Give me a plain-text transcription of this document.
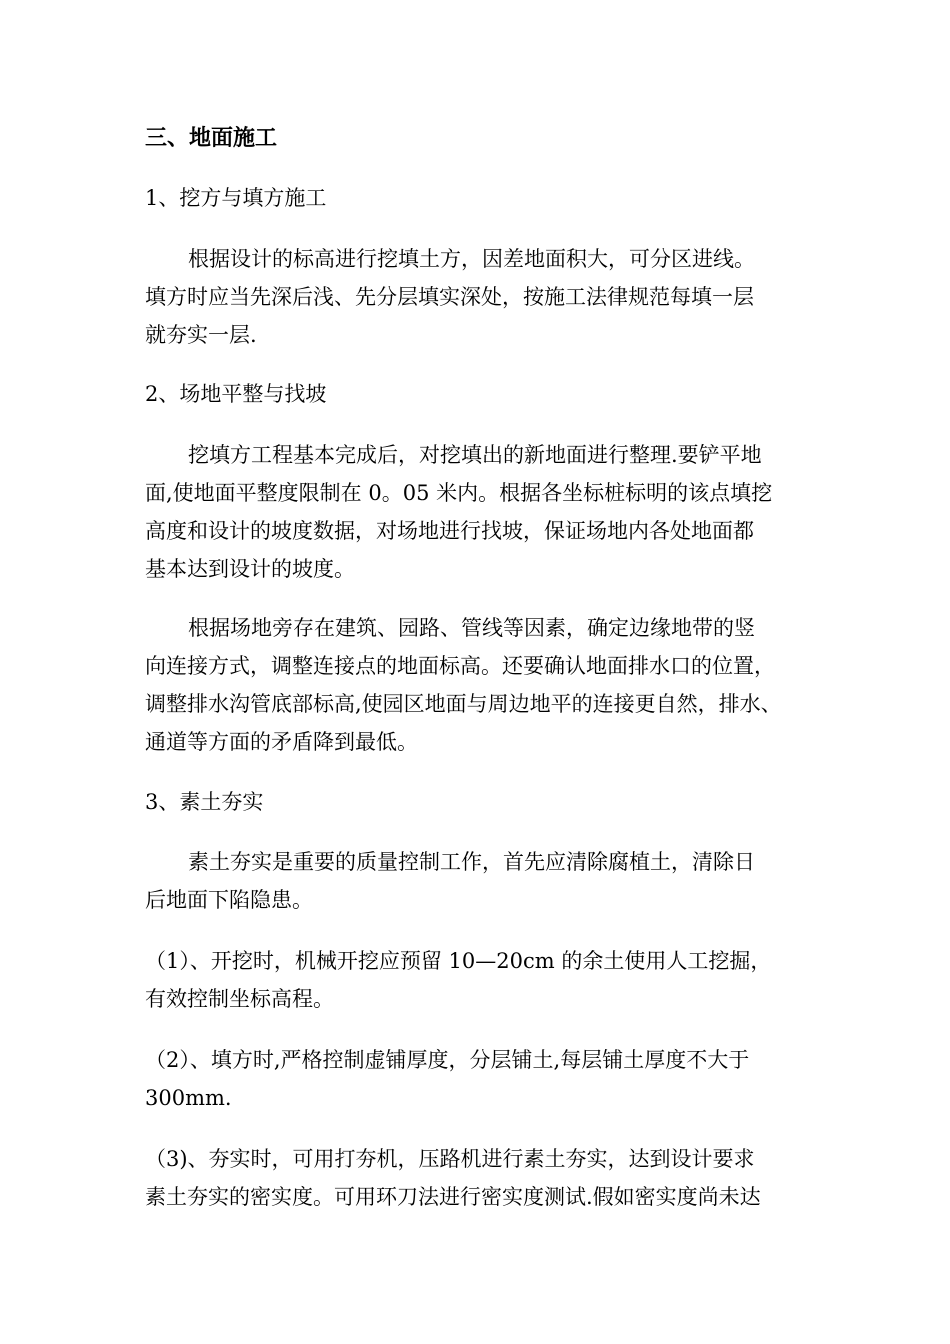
三、地面施工
1、挖方与填方施工
根据设计的标高进行挖填土方，因差地面积大，可分区进线。
填方时应当先深后浅、先分层填实深处，按施工法律规范每填一层
就夯实一层.
2、场地平整与找坡
挖填方工程基本完成后，对挖填出的新地面进行整理.要铲平地
面,使地面平整度限制在 0。05 米内。根据各坐标桩标明的该点填挖
高度和设计的坡度数据，对场地进行找坡，保证场地内各处地面都
基本达到设计的坡度。
根据场地旁存在建筑、园路、管线等因素，确定边缘地带的竖
向连接方式，调整连接点的地面标高。还要确认地面排水口的位置，
调整排水沟管底部标高,使园区地面与周边地平的连接更自然，排水、
通道等方面的矛盾降到最低。
3、素土夯实
素土夯实是重要的质量控制工作，首先应清除腐植土，清除日
后地面下陷隐患。
（1）、开挖时，机械开挖应预留 10—20cm 的余土使用人工挖掘，
有效控制坐标高程。
（2）、填方时,严格控制虚铺厚度，分层铺土,每层铺土厚度不大于
300mm.
（3)、夯实时，可用打夯机，压路机进行素土夯实，达到设计要求
素土夯实的密实度。可用环刀法进行密实度测试.假如密实度尚未达
